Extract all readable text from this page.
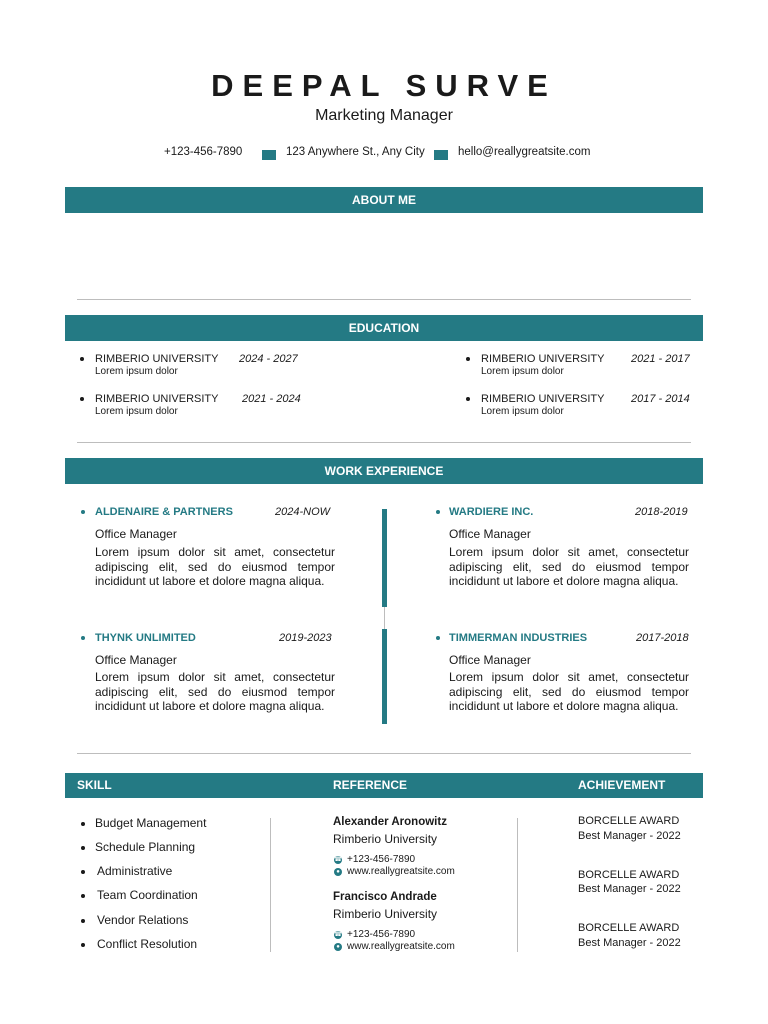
DEEPAL SURVE
Marketing Manager
+123-456-7890	123 Anywhere St., Any City	hello@reallygreatsite.com
ABOUT ME
EDUCATION
RIMBERIO UNIVERSITY 2024 - 2027
Lorem ipsum dolor
RIMBERIO UNIVERSITY 2021 - 2024
Lorem ipsum dolor
RIMBERIO UNIVERSITY 2021 - 2017
Lorem ipsum dolor
RIMBERIO UNIVERSITY 2017 - 2014
Lorem ipsum dolor
WORK EXPERIENCE
ALDENAIRE & PARTNERS	2024-NOW
Office Manager
Lorem ipsum dolor sit amet, consectetur adipiscing elit, sed do eiusmod tempor incididunt ut labore et dolore magna aliqua.
WARDIERE INC.	2018-2019
Office Manager
Lorem ipsum dolor sit amet, consectetur adipiscing elit, sed do eiusmod tempor incididunt ut labore et dolore magna aliqua.
THYNK UNLIMITED	2019-2023
Office Manager
Lorem ipsum dolor sit amet, consectetur adipiscing elit, sed do eiusmod tempor incididunt ut labore et dolore magna aliqua.
TIMMERMAN INDUSTRIES	2017-2018
Office Manager
Lorem ipsum dolor sit amet, consectetur adipiscing elit, sed do eiusmod tempor incididunt ut labore et dolore magna aliqua.
SKILL	REFERENCE	ACHIEVEMENT
Budget Management
Schedule Planning
Administrative
Team Coordination
Vendor Relations
Conflict Resolution
Alexander Aronowitz
Rimberio University
☎ +123-456-7890
● www.reallygreatsite.com
Francisco Andrade
Rimberio University
☎ +123-456-7890
● www.reallygreatsite.com
BORCELLE AWARD
Best Manager - 2022
BORCELLE AWARD
Best Manager - 2022
BORCELLE AWARD
Best Manager - 2022
